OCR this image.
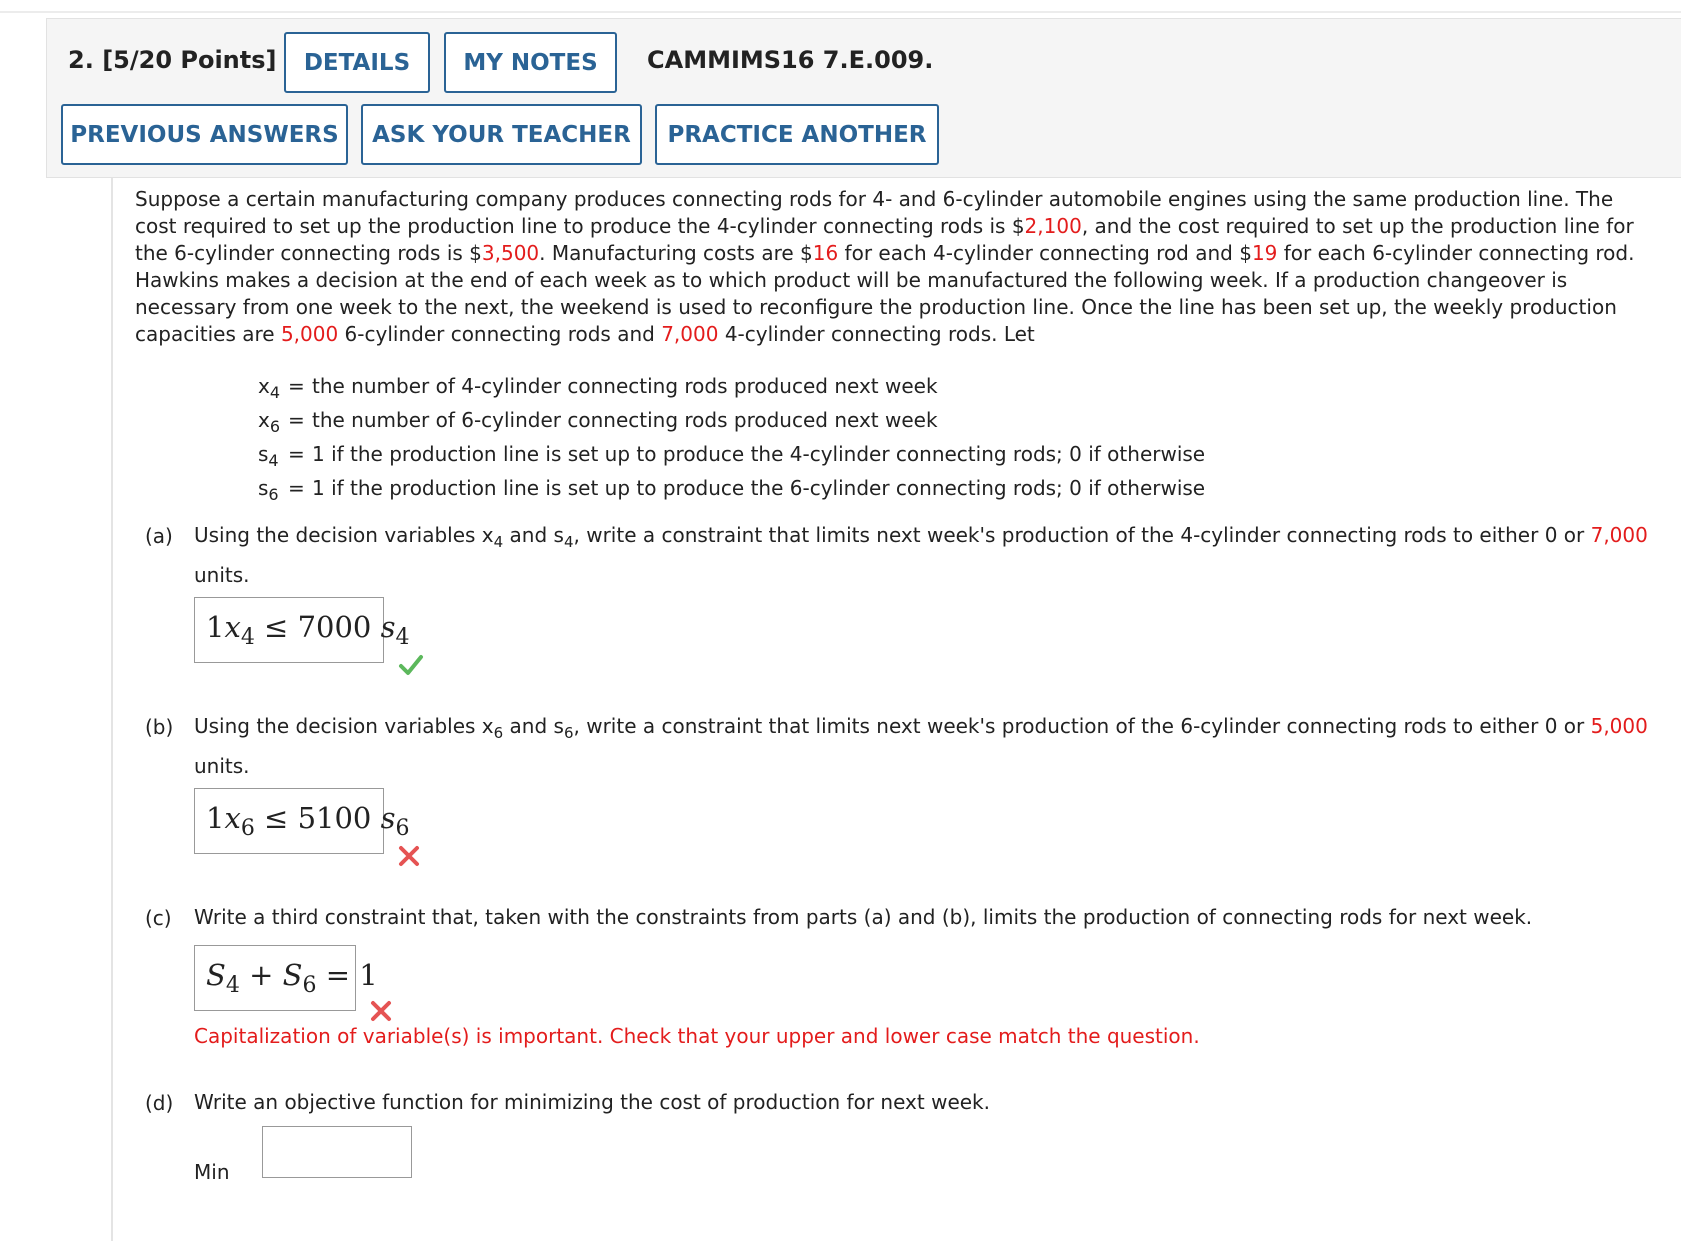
2. [5/20 Points]	DETAILS	MY NOTES	CAMMIMS16 7.E.009.
PREVIOUS ANSWERS	ASK YOUR TEACHER	PRACTICE ANOTHER

Suppose a certain manufacturing company produces connecting rods for 4- and 6-cylinder automobile engines using the same production line. The cost required to set up the production line to produce the 4-cylinder connecting rods is $2,100, and the cost required to set up the production line for the 6-cylinder connecting rods is $3,500. Manufacturing costs are $16 for each 4-cylinder connecting rod and $19 for each 6-cylinder connecting rod. Hawkins makes a decision at the end of each week as to which product will be manufactured the following week. If a production changeover is necessary from one week to the next, the weekend is used to reconfigure the production line. Once the line has been set up, the weekly production capacities are 5,000 6-cylinder connecting rods and 7,000 4-cylinder connecting rods. Let

$x_4$ = the number of 4-cylinder connecting rods produced next week
$x_6$ = the number of 6-cylinder connecting rods produced next week
$s_4 = 1$ if the production line is set up to produce the 4-cylinder connecting rods; 0 if otherwise
$s_6 = 1$ if the production line is set up to produce the 6-cylinder connecting rods; 0 if otherwise
(a) Using the decision variables $x_4$ and $s_4$, write a constraint that limits next week's production of the 4-cylinder connecting rods to either 0 or 7,000 units.
$1x_4 \le 7000$ $s_4$
(b) Using the decision variables $x_6$ and $s_6$, write a constraint that limits next week's production of the 6-cylinder connecting rods to either 0 or 5,000 units.
$1x_6 \le 5100$ $s_6$
(c) Write a third constraint that, taken with the constraints from parts (a) and (b), limits the production of connecting rods for next week.
$S_4 + S_6 = 1$
Capitalization of variable(s) is important. Check that your upper and lower case match the question.
(d) Write an objective function for minimizing the cost of production for next week.
Min
